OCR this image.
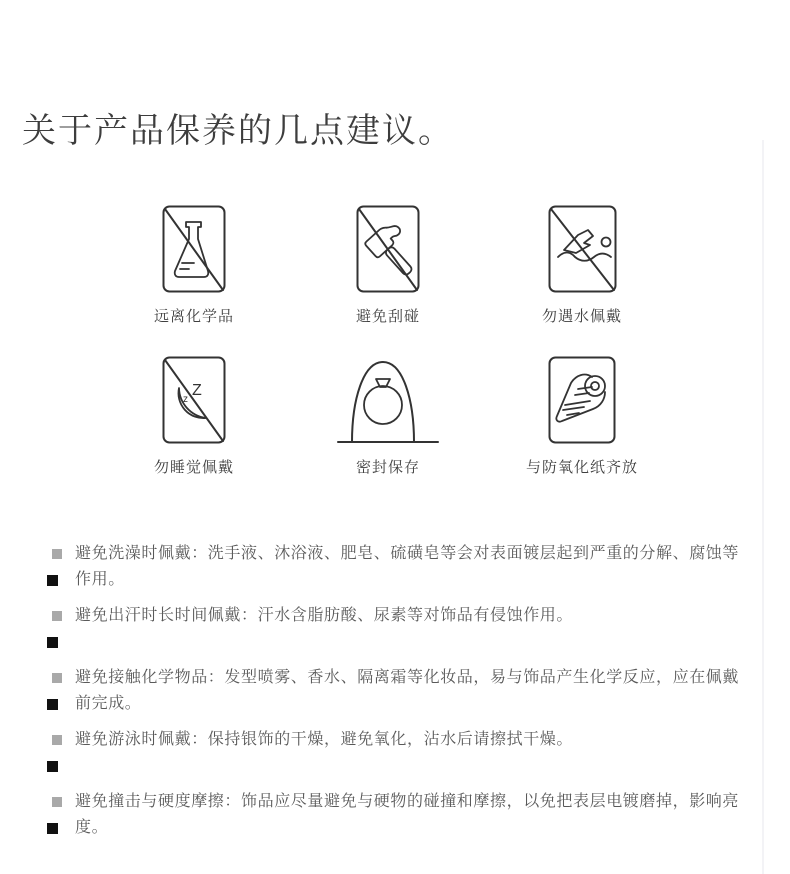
关于产品保养的几点建议。
远离化学品	避免刮碰	勿遇水佩戴
Z
z
勿睡觉佩戴	密封保存	与防氧化纸齐放
避免洗澡时佩戴：洗手液、沐浴液、肥皂、硫磺皂等会对表面镀层起到严重的分解、腐蚀等作用。
避免出汗时长时间佩戴：汗水含脂肪酸、尿素等对饰品有侵蚀作用。
避免接触化学物品：发型喷雾、香水、隔离霜等化妆品，易与饰品产生化学反应，应在佩戴前完成。
避免游泳时佩戴：保持银饰的干燥，避免氧化，沾水后请擦拭干燥。
避免撞击与硬度摩擦：饰品应尽量避免与硬物的碰撞和摩擦，以免把表层电镀磨掉，影响亮度。
